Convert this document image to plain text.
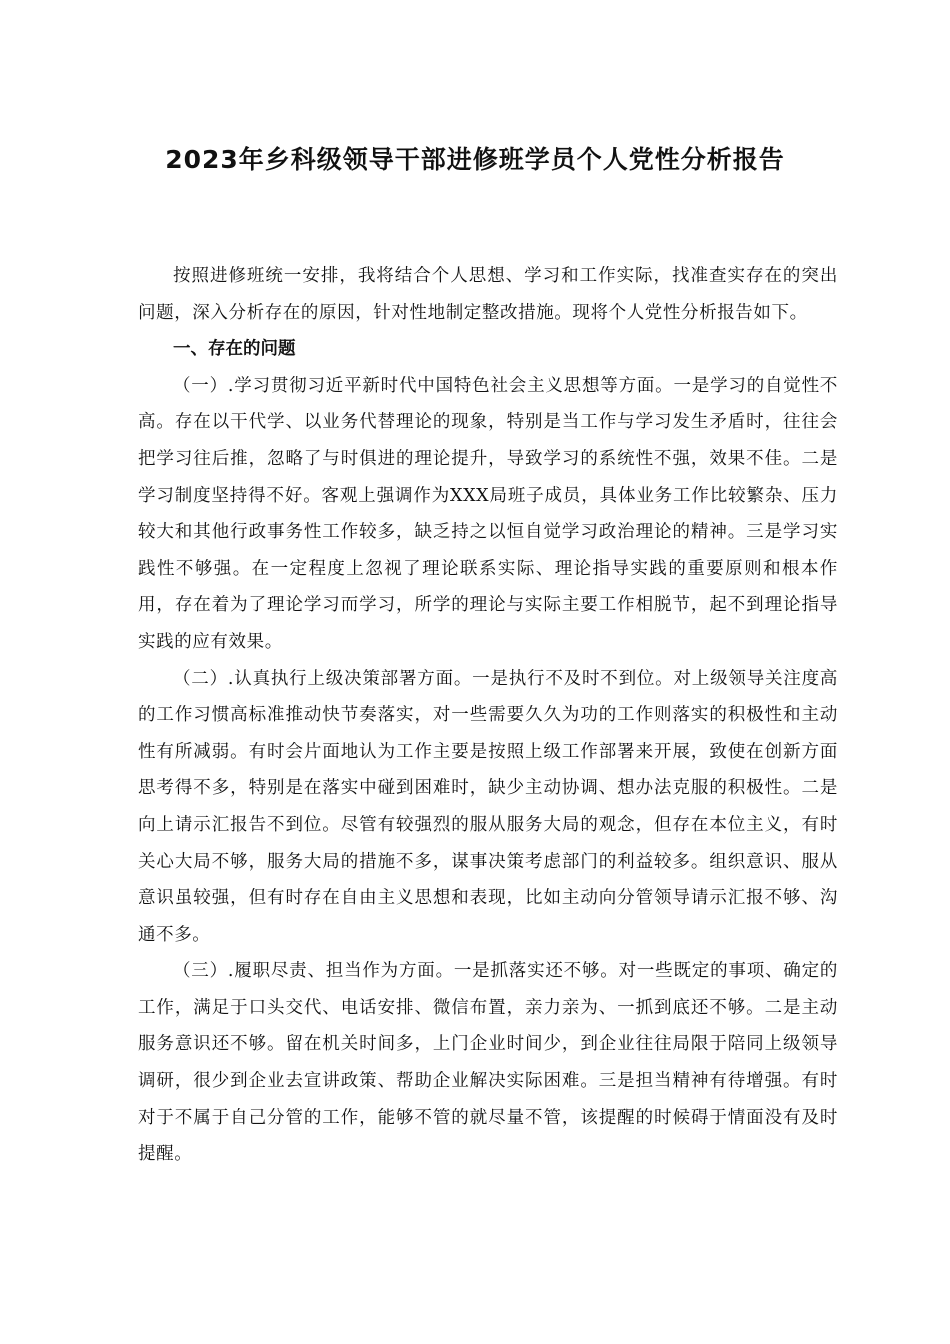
2023年乡科级领导干部进修班学员个人党性分析报告

按照进修班统一安排，我将结合个人思想、学习和工作实际，找准查实存在的突出问题，深入分析存在的原因，针对性地制定整改措施。现将个人党性分析报告如下。

一、存在的问题

（一）.学习贯彻习近平新时代中国特色社会主义思想等方面。一是学习的自觉性不高。存在以干代学、以业务代替理论的现象，特别是当工作与学习发生矛盾时，往往会把学习往后推，忽略了与时俱进的理论提升，导致学习的系统性不强，效果不佳。二是学习制度坚持得不好。客观上强调作为XXX局班子成员，具体业务工作比较繁杂、压力较大和其他行政事务性工作较多，缺乏持之以恒自觉学习政治理论的精神。三是学习实践性不够强。在一定程度上忽视了理论联系实际、理论指导实践的重要原则和根本作用，存在着为了理论学习而学习，所学的理论与实际主要工作相脱节，起不到理论指导实践的应有效果。

（二）.认真执行上级决策部署方面。一是执行不及时不到位。对上级领导关注度高的工作习惯高标准推动快节奏落实，对一些需要久久为功的工作则落实的积极性和主动性有所减弱。有时会片面地认为工作主要是按照上级工作部署来开展，致使在创新方面思考得不多，特别是在落实中碰到困难时，缺少主动协调、想办法克服的积极性。二是向上请示汇报告不到位。尽管有较强烈的服从服务大局的观念，但存在本位主义，有时关心大局不够，服务大局的措施不多，谋事决策考虑部门的利益较多。组织意识、服从意识虽较强，但有时存在自由主义思想和表现，比如主动向分管领导请示汇报不够、沟通不多。

（三）.履职尽责、担当作为方面。一是抓落实还不够。对一些既定的事项、确定的工作，满足于口头交代、电话安排、微信布置，亲力亲为、一抓到底还不够。二是主动服务意识还不够。留在机关时间多，上门企业时间少，到企业往往局限于陪同上级领导调研，很少到企业去宣讲政策、帮助企业解决实际困难。三是担当精神有待增强。有时对于不属于自己分管的工作，能够不管的就尽量不管，该提醒的时候碍于情面没有及时提醒。
